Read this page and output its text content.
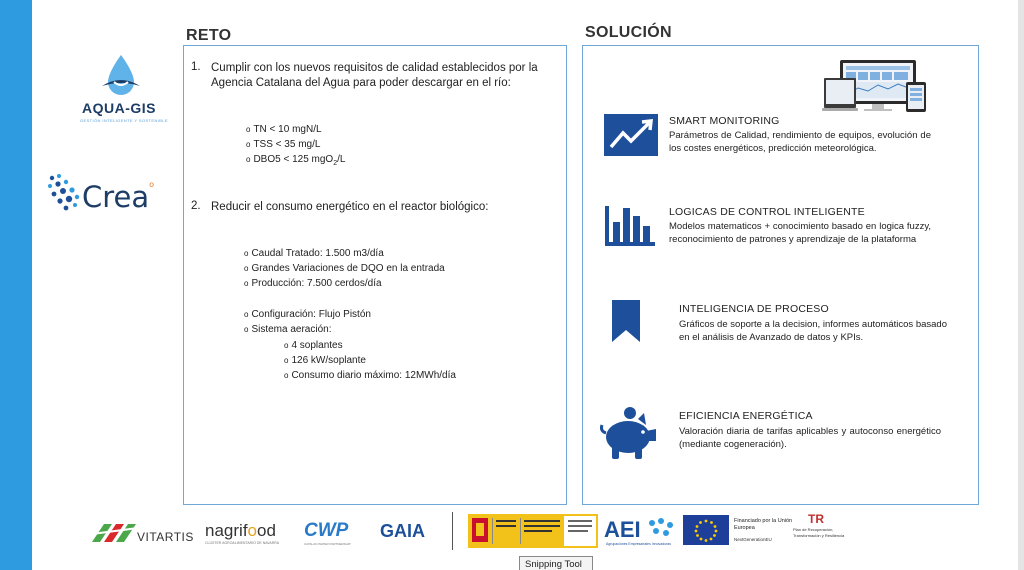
AQUA-GIS
GESTIÓN INTELIGENTE Y SOSTENIBLE
Crea$^o$
RETO
1. Cumplir con los nuevos requisitos de calidad establecidos por la Agencia Catalana del Agua para poder descargar en el río:
o TN < 10 mgN/L
o TSS < 35 mg/L
o DBO5 < 125 mgO$_2$/L
2. Reducir el consumo energético en el reactor biológico:
o Caudal Tratado: 1.500 m3/día
o Grandes Variaciones de DQO en la entrada
o Producción: 7.500 cerdos/día
o Configuración: Flujo Pistón
o Sistema aeración:
o 4 soplantes
o 126 kW/soplante
o Consumo diario máximo: 12MWh/día
SOLUCIÓN
SMART MONITORING
Parámetros de Calidad, rendimiento de equipos, evolución de los costes energéticos, predicción meteorológica.
LOGICAS DE CONTROL INTELIGENTE
Modelos matematicos + conocimiento basado en logica fuzzy, reconocimiento de patrones y aprendizaje de la plataforma
INTELIGENCIA DE PROCESO
Gráficos de soporte a la decision, informes automáticos basado en el análisis de Avanzado de datos y KPIs.
EFICIENCIA ENERGÉTICA
Valoración diaria de tarifas aplicables y autoconso energético (mediante cogeneración).
VITARTIS nagrifood
CLÚSTER AGROALIMENTARIO DE NAVARRA
CWP
CATALAN WATER PARTNERSHIP
GAIA	AEI
Agrupaciones Empresariales Innovadoras
Financiado por la Unión Europea
NextGenerationEU
TR
Plan de Recuperación, Transformación y Resiliencia
Snipping Tool
